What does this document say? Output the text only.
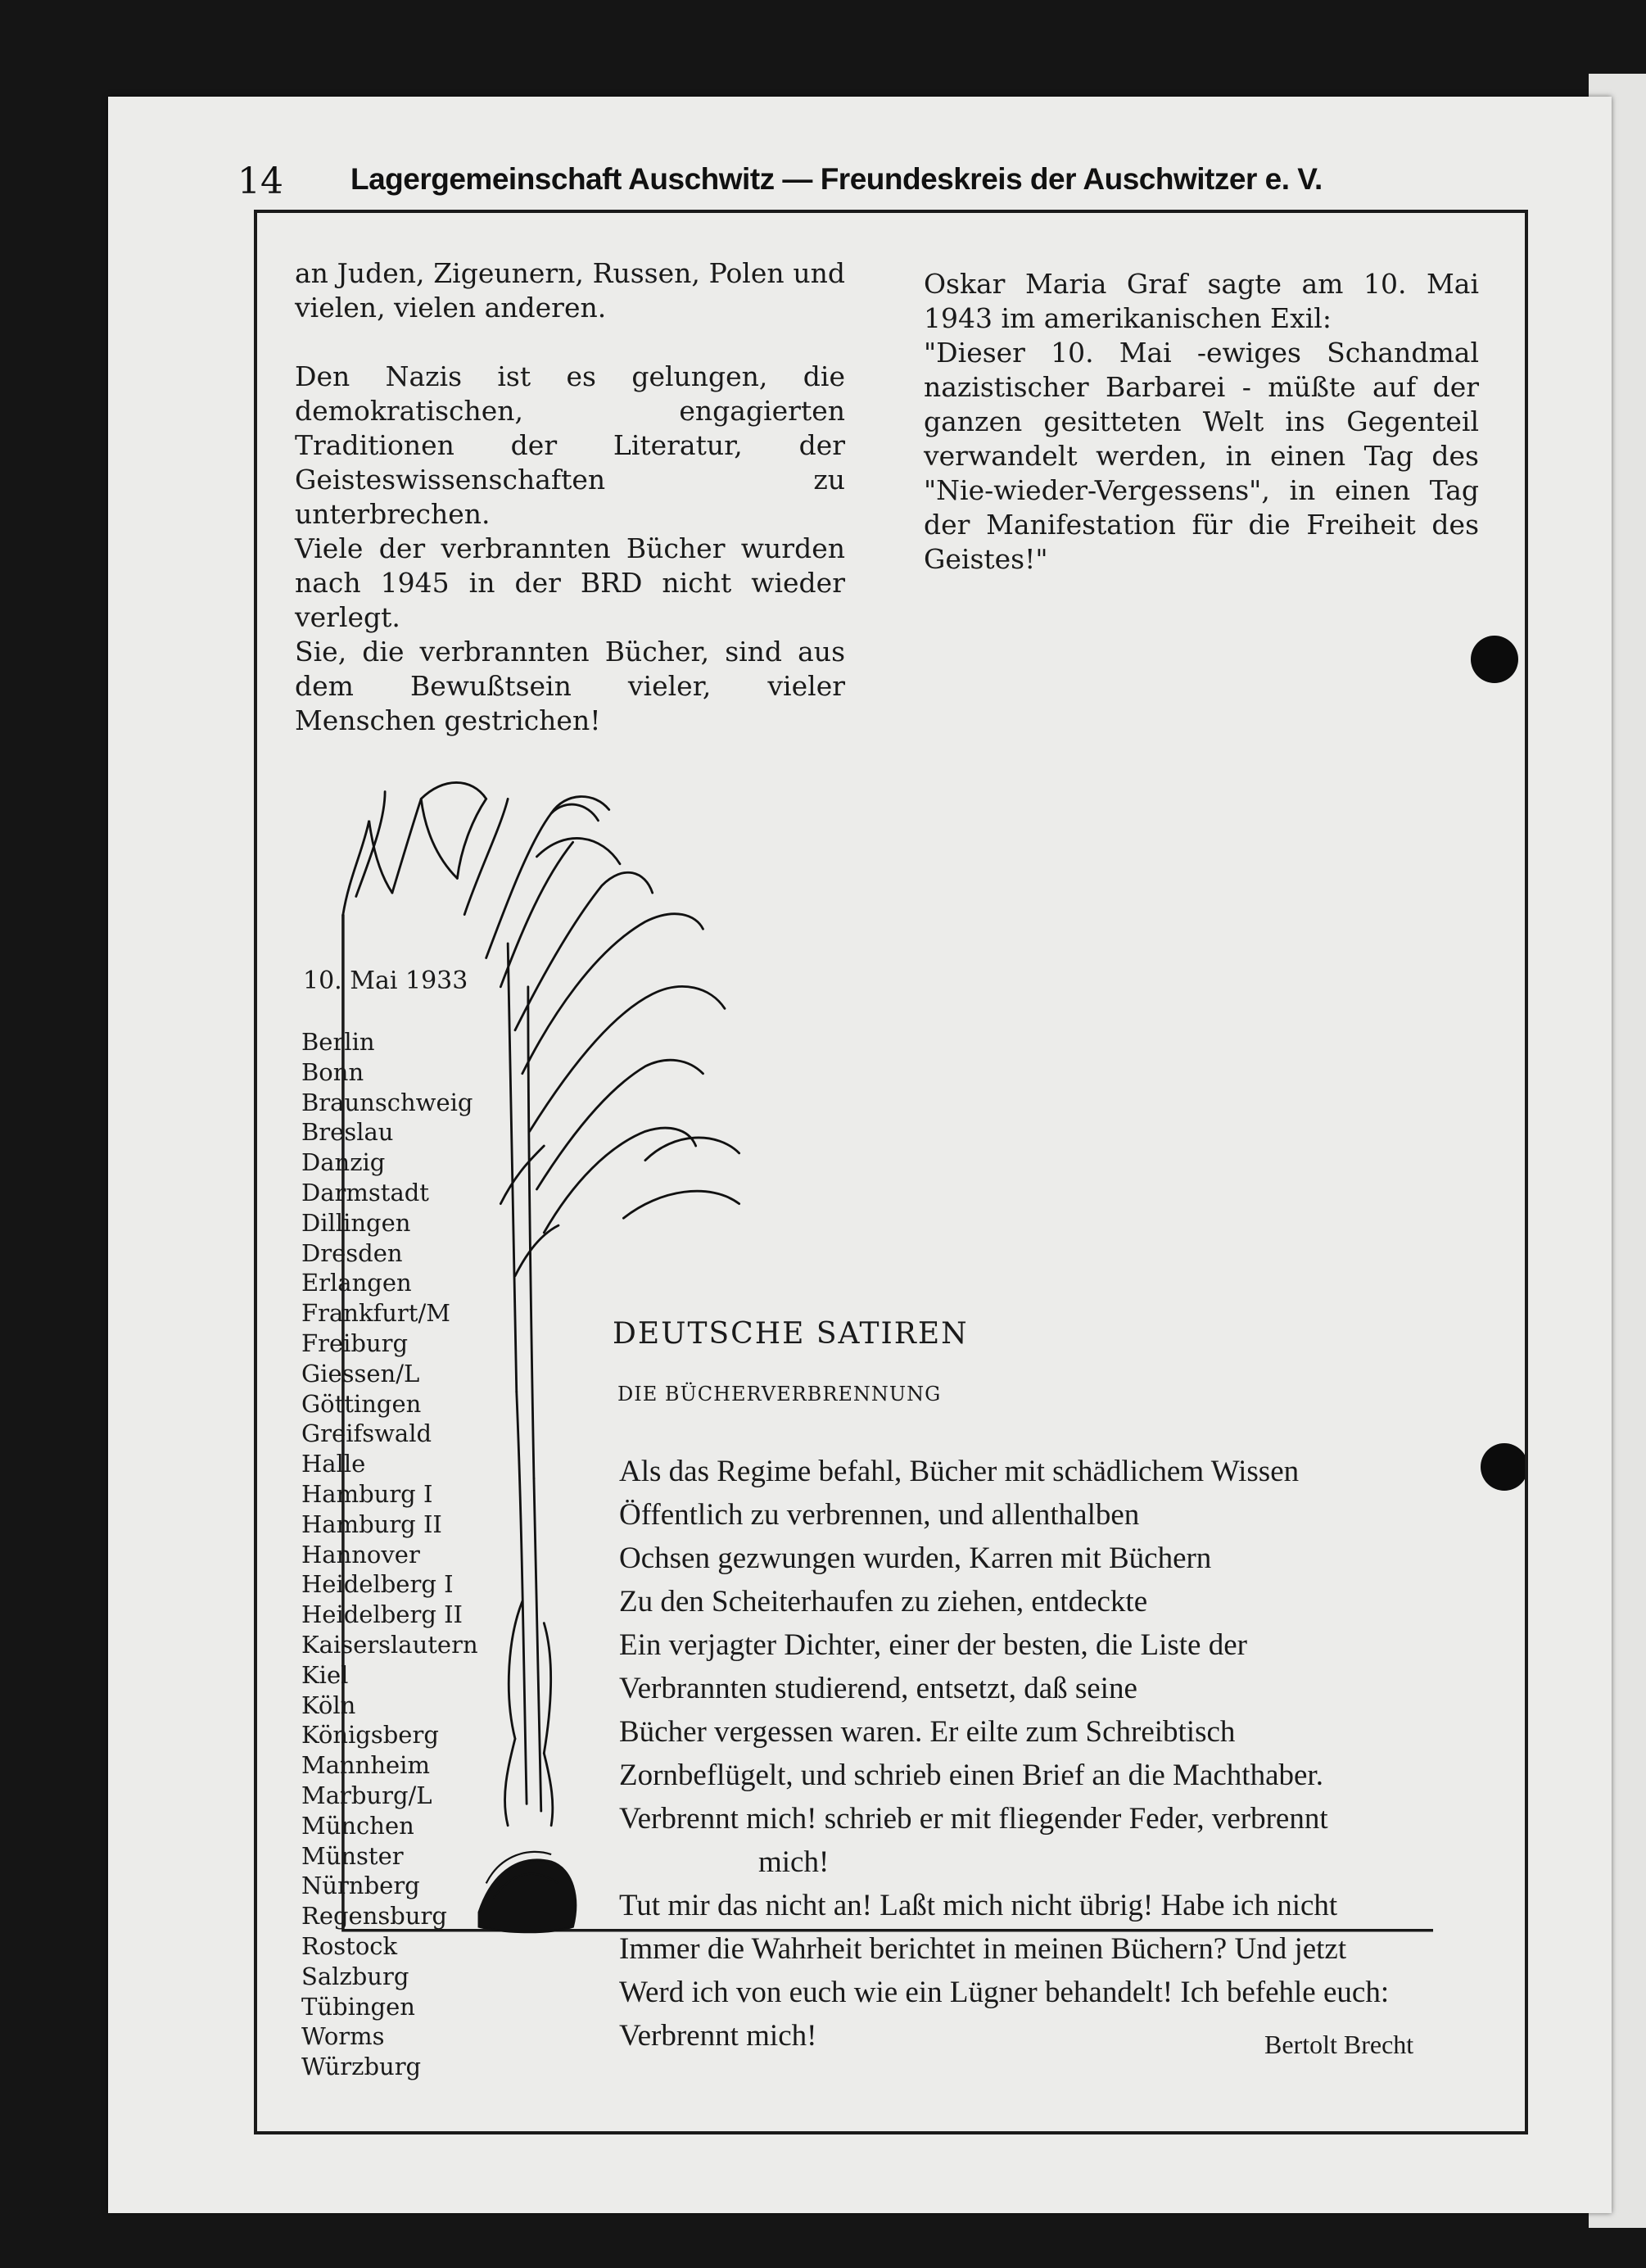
14 Lagergemeinschaft Auschwitz — Freundeskreis der Auschwitzer e. V.

an Juden, Zigeunern, Russen, Polen und vielen, vielen anderen.

Den Nazis ist es gelungen, die demokratischen, engagierten Traditionen der Literatur, der Geisteswissenschaften zu unterbrechen.

Viele der verbrannten Bücher wurden nach 1945 in der BRD nicht wieder verlegt.

Sie, die verbrannten Bücher, sind aus dem Bewußtsein vieler, vieler Menschen gestrichen!

Oskar Maria Graf sagte am 10. Mai 1943 im amerikanischen Exil:

"Dieser 10. Mai -ewiges Schandmal nazistischer Barbarei - müßte auf der ganzen gesitteten Welt ins Gegenteil verwandelt werden, in einen Tag des "Nie-wieder-Vergessens", in einen Tag der Manifestation für die Freiheit des Geistes!"

10. Mai 1933
Berlin
Bonn
Braunschweig
Breslau
Danzig
Darmstadt
Dillingen
Dresden
Erlangen
Frankfurt/M
Freiburg
Giessen/L
Göttingen
Greifswald
Halle
Hamburg I
Hamburg II
Hannover
Heidelberg I
Heidelberg II
Kaiserslautern
Kiel
Köln
Königsberg
Mannheim
Marburg/L
München
Münster
Nürnberg
Regensburg
Rostock
Salzburg
Tübingen
Worms
Würzburg
DEUTSCHE SATIREN
DIE BÜCHERVERBRENNUNG
Als das Regime befahl, Bücher mit schädlichem Wissen
Öffentlich zu verbrennen, und allenthalben
Ochsen gezwungen wurden, Karren mit Büchern
Zu den Scheiterhaufen zu ziehen, entdeckte
Ein verjagter Dichter, einer der besten, die Liste der
Verbrannten studierend, entsetzt, daß seine
Bücher vergessen waren. Er eilte zum Schreibtisch
Zornbeflügelt, und schrieb einen Brief an die Machthaber.
Verbrennt mich! schrieb er mit fliegender Feder, verbrennt
mich!
Tut mir das nicht an! Laßt mich nicht übrig! Habe ich nicht
Immer die Wahrheit berichtet in meinen Büchern? Und jetzt
Werd ich von euch wie ein Lügner behandelt! Ich befehle euch:
Verbrennt mich!	Bertolt Brecht
